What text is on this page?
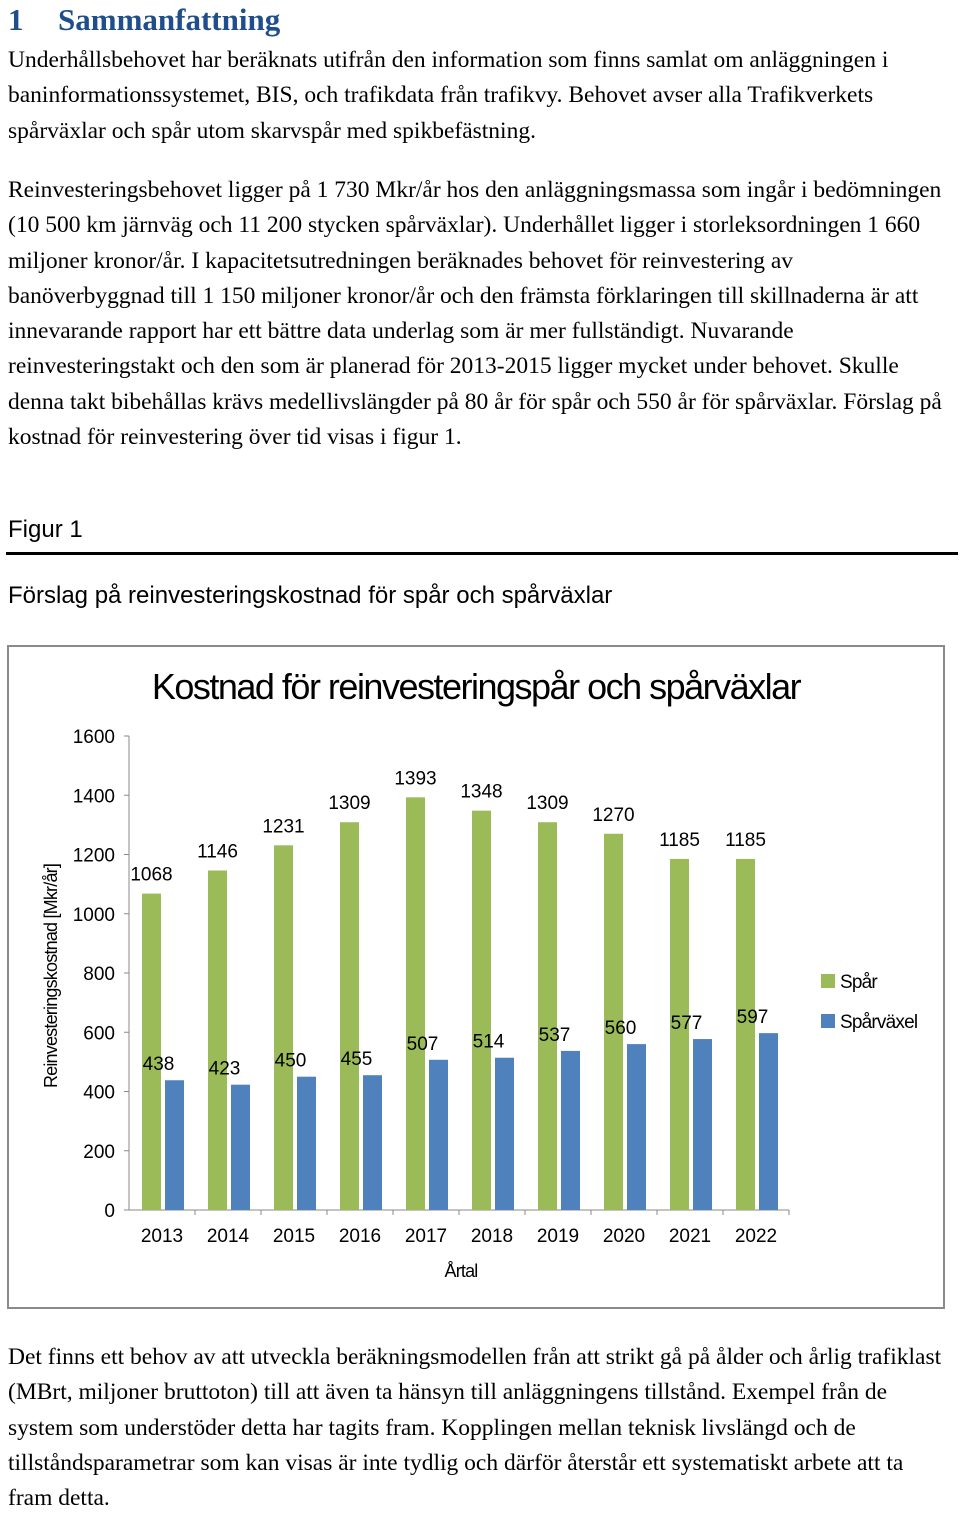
1 Sammanfattning

Underhållsbehovet har beräknats utifrån den information som finns samlat om anläggningen i baninformationssystemet, BIS, och trafikdata från trafikvy. Behovet avser alla Trafikverkets spårväxlar och spår utom skarvspår med spikbefästning.

Reinvesteringsbehovet ligger på 1 730 Mkr/år hos den anläggningsmassa som ingår i bedömningen (10 500 km järnväg och 11 200 stycken spårväxlar). Underhållet ligger i storleksordningen 1 660 miljoner kronor/år. I kapacitetsutredningen beräknades behovet för reinvestering av banöverbyggnad till 1 150 miljoner kronor/år och den främsta förklaringen till skillnaderna är att innevarande rapport har ett bättre data underlag som är mer fullständigt. Nuvarande reinvesteringstakt och den som är planerad för 2013-2015 ligger mycket under behovet. Skulle denna takt bibehållas krävs medellivslängder på 80 år för spår och 550 år för spårväxlar. Förslag på kostnad för reinvestering över tid visas i figur 1.

Figur 1

Förslag på reinvesteringskostnad för spår och spårväxlar

Kostnad för reinvesteringspår och spårväxlar
0
200
400
600
800
1000
1200
1400
1600
Reinvesteringskostnad [Mkr/år]	1068
438
2013
1146
423
2014
1231
450
2015
1309
455
2016
1393
507
2017
1348
514
2018
1309
537
2019
1270
560
2020
1185
577
2021
1185
597
2022
Årtal
Spår
Spårväxel

Det finns ett behov av att utveckla beräkningsmodellen från att strikt gå på ålder och årlig trafiklast (MBrt, miljoner bruttoton) till att även ta hänsyn till anläggningens tillstånd. Exempel från de system som understöder detta har tagits fram. Kopplingen mellan teknisk livslängd och de tillståndsparametrar som kan visas är inte tydlig och därför återstår ett systematiskt arbete att ta fram detta.
